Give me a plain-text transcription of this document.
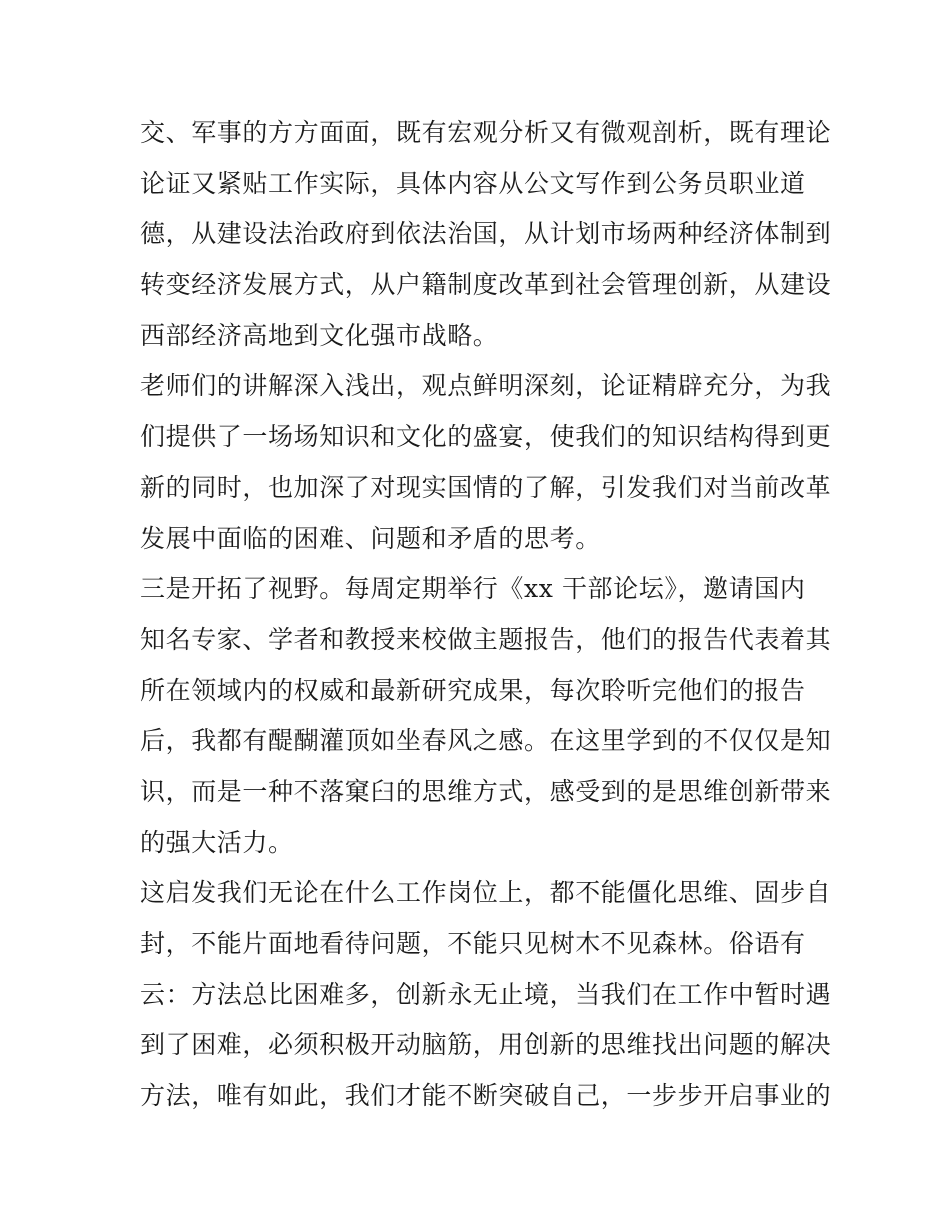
交、军事的方方面面，既有宏观分析又有微观剖析，既有理论
论证又紧贴工作实际，具体内容从公文写作到公务员职业道
德，从建设法治政府到依法治国，从计划市场两种经济体制到
转变经济发展方式，从户籍制度改革到社会管理创新，从建设
西部经济高地到文化强市战略。
老师们的讲解深入浅出，观点鲜明深刻，论证精辟充分，为我
们提供了一场场知识和文化的盛宴，使我们的知识结构得到更
新的同时，也加深了对现实国情的了解，引发我们对当前改革
发展中面临的困难、问题和矛盾的思考。
三是开拓了视野。每周定期举行《xx 干部论坛》，邀请国内
知名专家、学者和教授来校做主题报告，他们的报告代表着其
所在领域内的权威和最新研究成果，每次聆听完他们的报告
后，我都有醍醐灌顶如坐春风之感。在这里学到的不仅仅是知
识，而是一种不落窠臼的思维方式，感受到的是思维创新带来
的强大活力。
这启发我们无论在什么工作岗位上，都不能僵化思维、固步自
封，不能片面地看待问题，不能只见树木不见森林。俗语有
云：方法总比困难多，创新永无止境，当我们在工作中暂时遇
到了困难，必须积极开动脑筋，用创新的思维找出问题的解决
方法，唯有如此，我们才能不断突破自己，一步步开启事业的
